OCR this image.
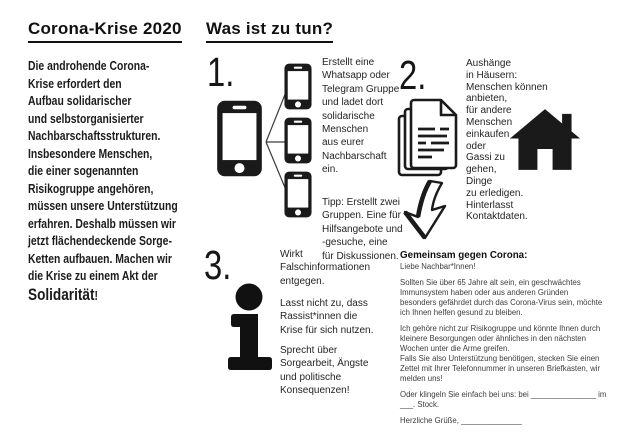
Corona-Krise 2020
Die androhende Corona-
Krise erfordert den
Aufbau solidarischer
und selbstorganisierter
Nachbarschaftsstrukturen.
Insbesondere Menschen,
die einer sogenannten
Risikogruppe angehören,
müssen unsere Unterstützung
erfahren. Deshalb müssen wir
jetzt flächendeckende Sorge-
Ketten aufbauen. Machen wir
die Krise zu einem Akt der
Solidarität!
Was ist zu tun?
1.	Erstellt eine
Whatsapp oder
Telegram Gruppe
und ladet dort
solidarische
Menschen
aus eurer
Nachbarschaft
ein.
Tipp: Erstellt zwei
Gruppen. Eine für
Hilfsangebote und
-gesuche, eine
für Diskussionen.
2.	Aushänge
in Häusern:
Menschen können
anbieten,
für andere
Menschen
einkaufen
oder
Gassi zu
gehen,
Dinge
zu erledigen.
Hinterlasst
Kontaktdaten.
3.	Wirkt
Falschinformationen
entgegen.
Lasst nicht zu, dass
Rassist*innen die
Krise für sich nutzen.
Sprecht über
Sorgearbeit, Ängste
und politische
Konsequenzen!
Gemeinsam gegen Corona:
Liebe Nachbar*Innen!

Sollten Sie über 65 Jahre alt sein, ein geschwächtes
Immunsystem haben oder aus anderen Gründen
besonders gefährdet durch das Corona-Virus sein, möchte
ich Ihnen helfen gesund zu bleiben.

Ich gehöre nicht zur Risikogruppe und könnte Ihnen durch
kleinere Besorgungen oder ähnliches in den nächsten
Wochen unter die Arme greifen.
Falls Sie also Unterstützung benötigen, stecken Sie einen
Zettel mit Ihrer Telefonnummer in unseren Briefkasten, wir
melden uns!

Oder klingeln Sie einfach bei uns: bei _______________ im
___. Stock.

Herzliche Grüße, ______________
